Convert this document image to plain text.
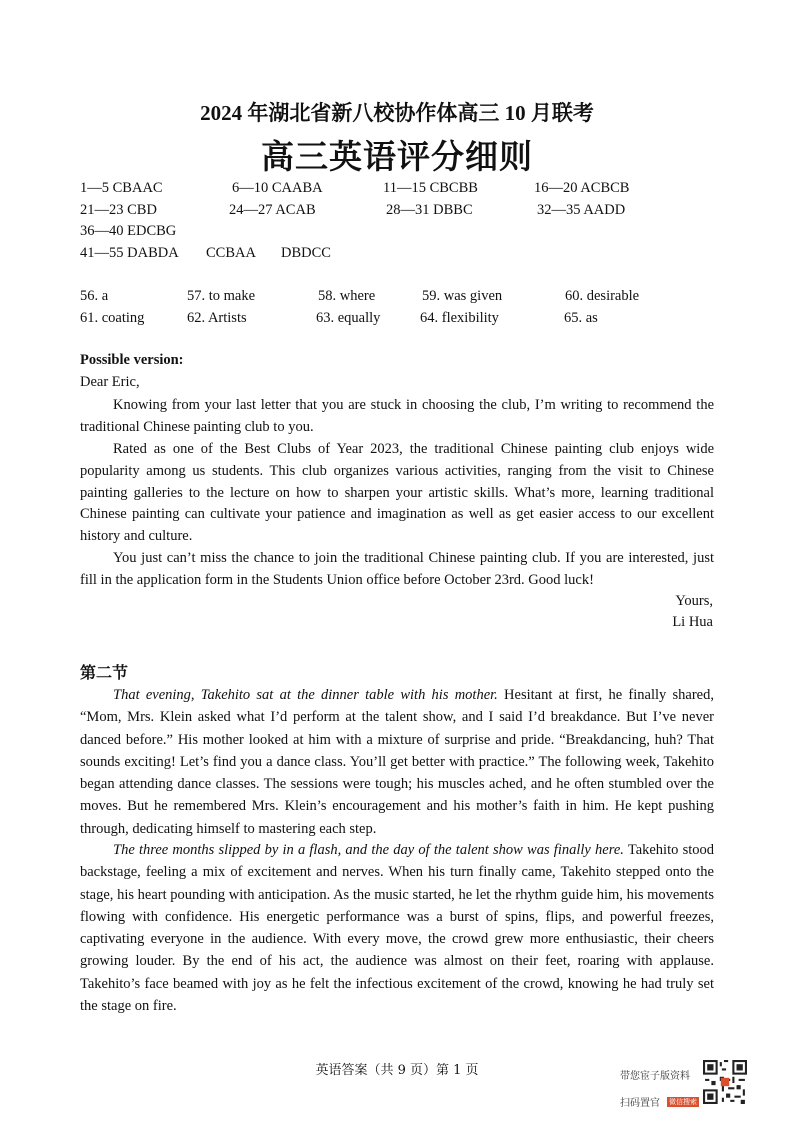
2024 年湖北省新八校协作体高三 10 月联考
高三英语评分细则
1—5 CBAAC	6—10 CAABA	11—15 CBCBB	16—20 ACBCB
21—23 CBD	24—27 ACAB	28—31 DBBC	32—35 AADD
36—40 EDCBG
41—55 DABDA CCBAA DBDCC
56. a	57. to make	58. where	59. was given	60. desirable
61. coating	62. Artists	63. equally	64. flexibility	65. as
Possible version:
Dear Eric,

Knowing from your last letter that you are stuck in choosing the club, I’m writing to recommend the traditional Chinese painting club to you.

Rated as one of the Best Clubs of Year 2023, the traditional Chinese painting club enjoys wide popularity among us students. This club organizes various activities, ranging from the visit to Chinese painting galleries to the lecture on how to sharpen your artistic skills. What’s more, learning traditional Chinese painting can cultivate your patience and imagination as well as get easier access to our excellent history and culture.

You just can’t miss the chance to join the traditional Chinese painting club. If you are interested, just fill in the application form in the Students Union office before October 23rd. Good luck!

Yours,
Li Hua
第二节

That evening, Takehito sat at the dinner table with his mother. Hesitant at first, he finally shared, “Mom, Mrs. Klein asked what I’d perform at the talent show, and I said I’d breakdance. But I’ve never danced before.” His mother looked at him with a mixture of surprise and pride. “Breakdancing, huh? That sounds exciting! Let’s find you a dance class. You’ll get better with practice.” The following week, Takehito began attending dance classes. The sessions were tough; his muscles ached, and he often stumbled over the moves. But he remembered Mrs. Klein’s encouragement and his mother’s faith in him. He kept pushing through, dedicating himself to mastering each step.

The three months slipped by in a flash, and the day of the talent show was finally here. Takehito stood backstage, feeling a mix of excitement and nerves. When his turn finally came, Takehito stepped onto the stage, his heart pounding with anticipation. As the music started, he let the rhythm guide him, his movements flowing with confidence. His energetic performance was a burst of spins, flips, and powerful freezes, captivating everyone in the audience. With every move, the crowd grew more enthusiastic, their cheers growing louder. By the end of his act, the audience was almost on their feet, roaring with applause. Takehito’s face beamed with joy as he felt the infectious excitement of the crowd, knowing he had truly set the stage on fire.

英语答案（共 9 页）第 1 页	带您宦子版资料
扫码置官 微信搜索
